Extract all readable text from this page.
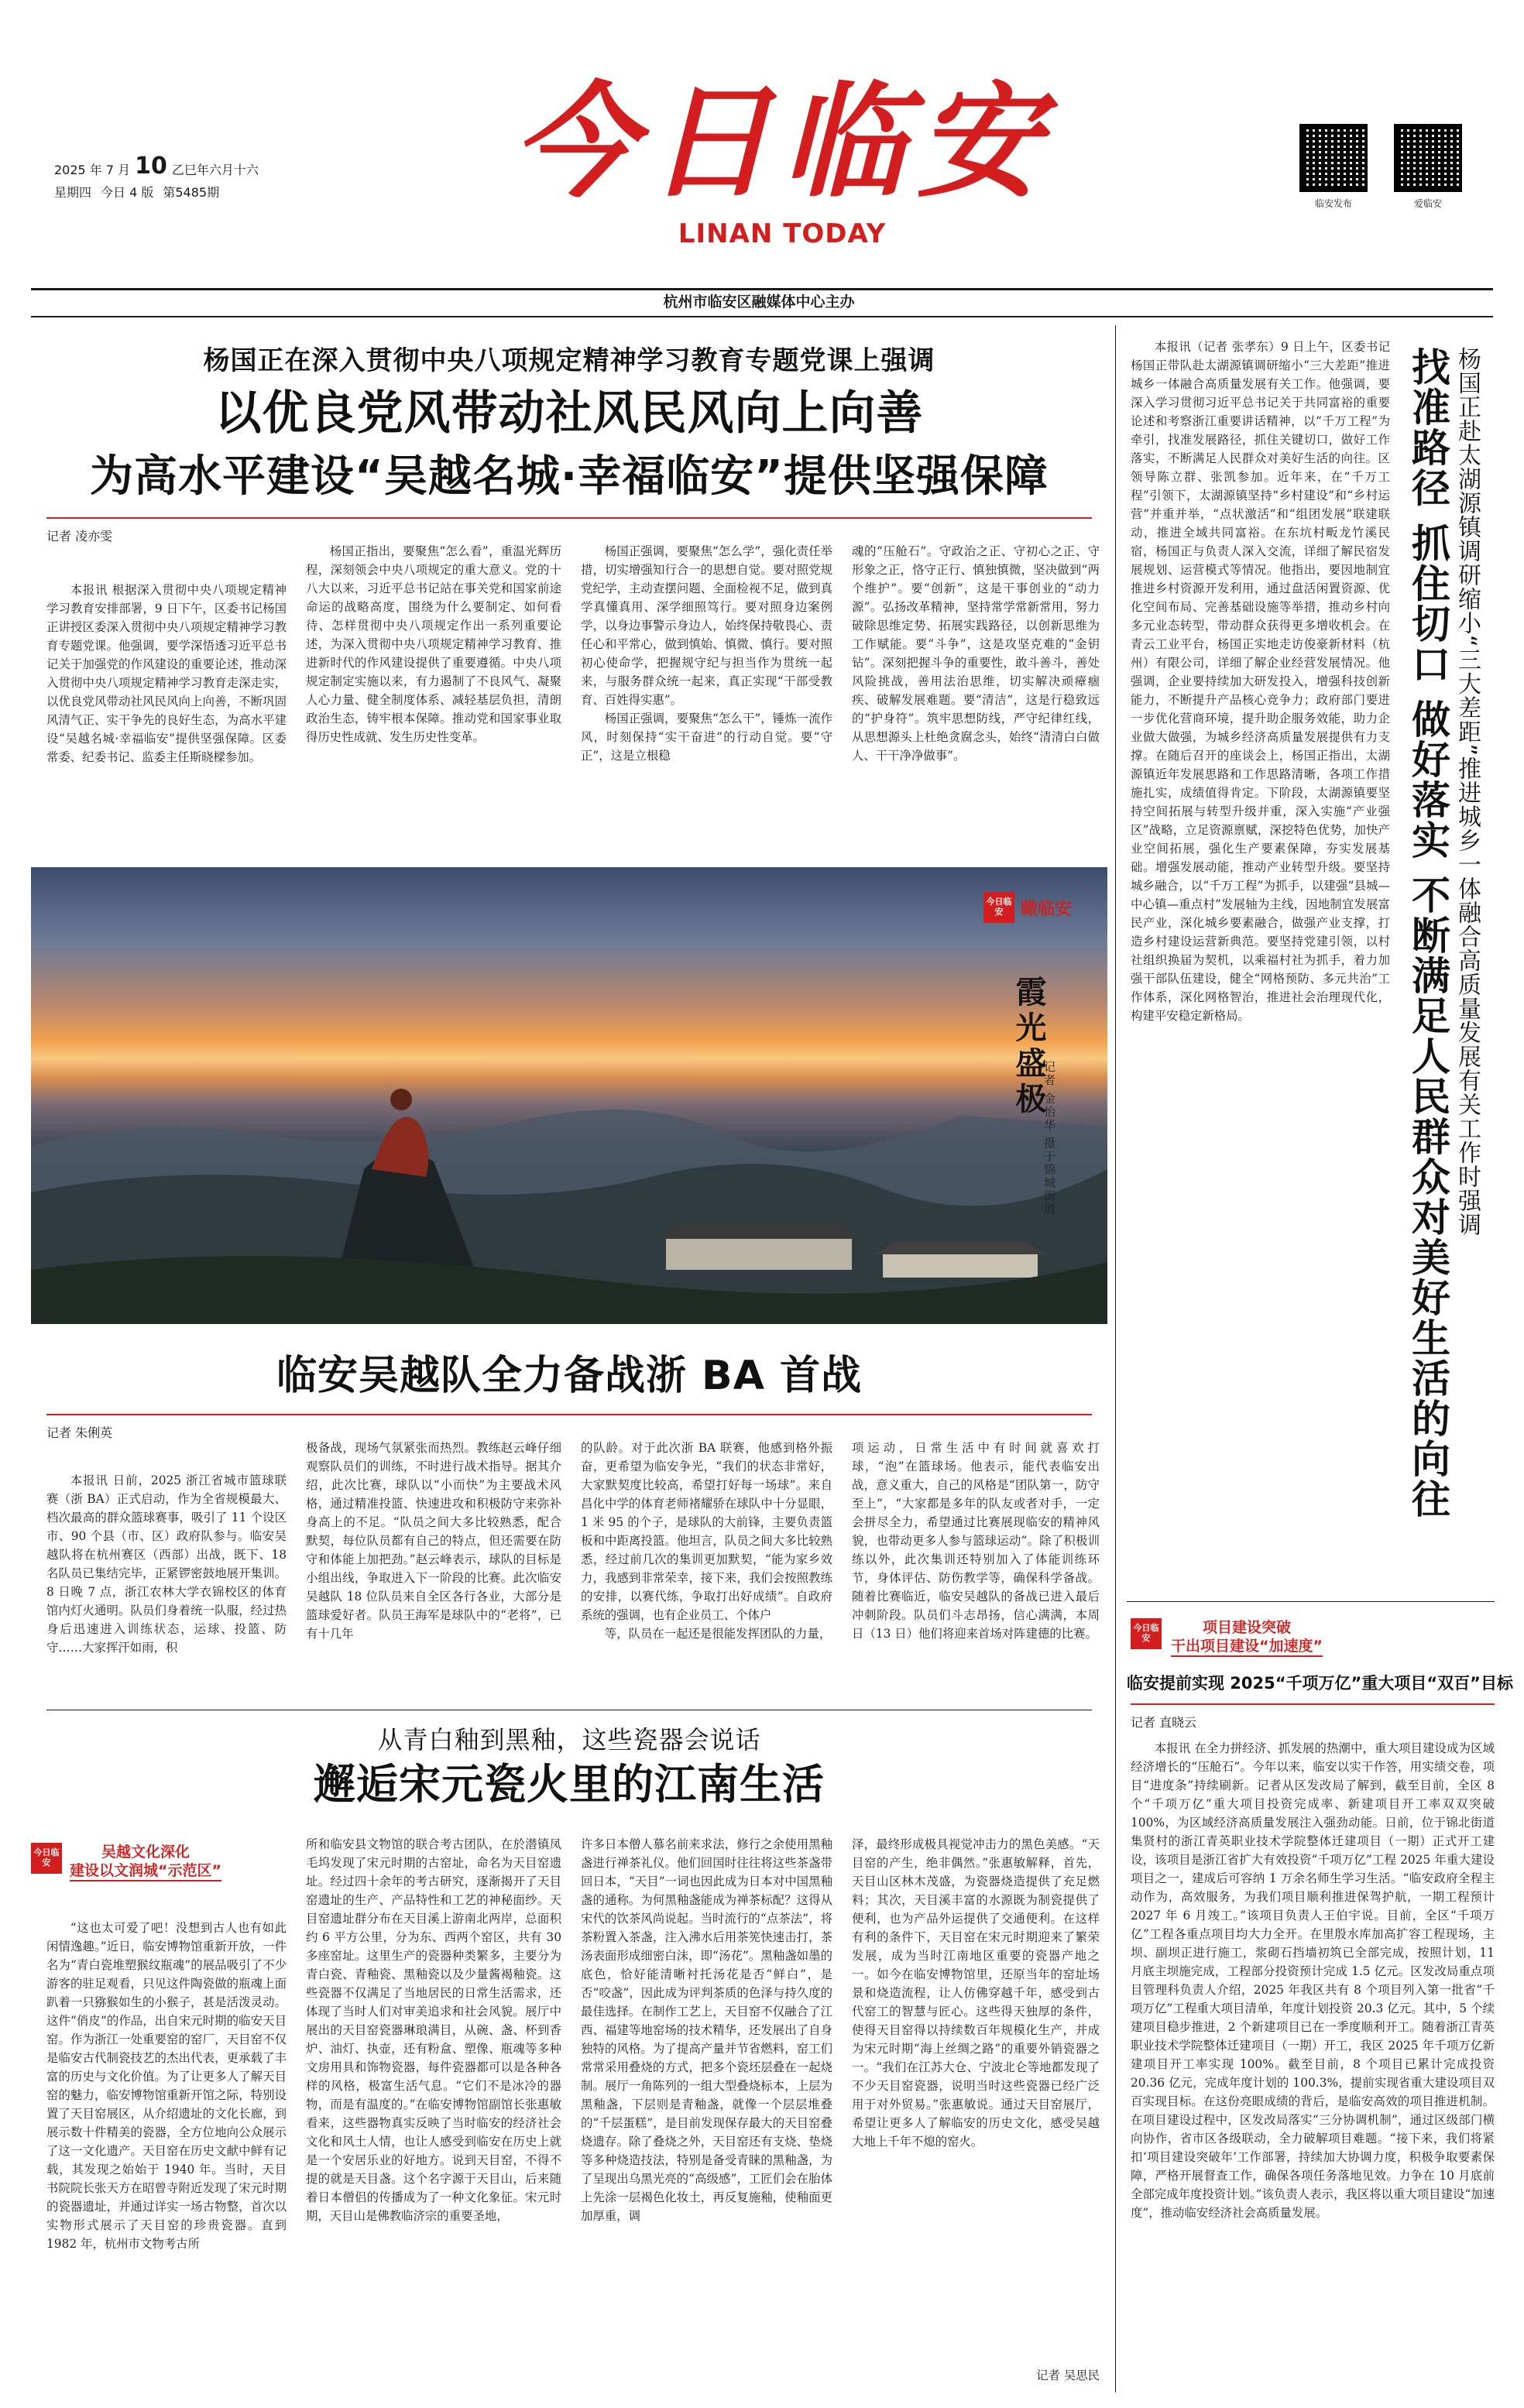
2025 年 7 月 10 乙巳年六月十六
星期四 今日 4 版 第5485期	今日临安
LINAN TODAY
临安发布	爱临安
杭州市临安区融媒体中心主办
杨国正在深入贯彻中央八项规定精神学习教育专题党课上强调
以优良党风带动社风民风向上向善
为高水平建设“吴越名城·幸福临安”提供坚强保障
记者 凌亦雯
本报讯 根据深入贯彻中央八项规定精神学习教育安排部署，9 日下午，区委书记杨国正讲授区委深入贯彻中央八项规定精神学习教育专题党课。他强调，要学深悟透习近平总书记关于加强党的作风建设的重要论述，推动深入贯彻中央八项规定精神学习教育走深走实，以优良党风带动社风民风向上向善，不断巩固风清气正、实干争先的良好生态，为高水平建设“吴越名城·幸福临安”提供坚强保障。区委常委、纪委书记、监委主任斯晓樑参加。
杨国正指出，要聚焦“怎么看”，重温光辉历程，深刻领会中央八项规定的重大意义。党的十八大以来，习近平总书记站在事关党和国家前途命运的战略高度，围绕为什么要制定、如何看待、怎样贯彻中央八项规定作出一系列重要论述，为深入贯彻中央八项规定精神学习教育、推进新时代的作风建设提供了重要遵循。中央八项规定制定实施以来，有力遏制了不良风气、凝聚人心力量、健全制度体系、减轻基层负担，清朗政治生态，铸牢根本保障。推动党和国家事业取得历史性成就、发生历史性变革。

杨国正强调，要聚焦“怎么学”，强化责任举措，切实增强知行合一的思想自觉。要对照党规党纪学，主动查摆问题、全面检视不足，做到真学真懂真用、深学细照笃行。要对照身边案例学，以身边事警示身边人，始终保持敬畏心、责任心和平常心，做到慎始、慎微、慎行。要对照初心使命学，把握规守纪与担当作为贯统一起来，与服务群众统一起来，真正实现“干部受教育、百姓得实惠”。

杨国正强调，要聚焦“怎么干”，锤炼一流作风，时刻保持“实干奋进”的行动自觉。要“守正”，这是立根稳

魂的“压舱石”。守政治之正、守初心之正、守形象之正，恪守正行、慎独慎微，坚决做到“两个维护”。要“创新”，这是干事创业的“动力源”。弘扬改革精神，坚持常学常新常用，努力破除思维定势、拓展实践路径，以创新思维为工作赋能。要“斗争”，这是攻坚克难的“金钥钻”。深刻把握斗争的重要性，敢斗善斗，善处风险挑战，善用法治思维，切实解决顽瘴痼疾、破解发展难题。要“清洁”，这是行稳致远的“护身符”。筑牢思想防线，严守纪律红线，从思想源头上杜绝贪腐念头，始终“清清白白做人、干干净净做事”。
今日临安	瞰临安
霞光盛极
记者 金怡华 摄于锦城街道
临安吴越队全力备战浙 BA 首战
记者 朱俐英
本报讯 日前，2025 浙江省城市篮球联赛（浙 BA）正式启动，作为全省规模最大、档次最高的群众篮球赛事，吸引了 11 个设区市、90 个县（市、区）政府队参与。临安吴越队将在杭州赛区（西部）出战，既下、18 名队员已集结完毕，正紧锣密鼓地展开集训。8 日晚 7 点，浙江农林大学衣锦校区的体育馆内灯火通明。队员们身着统一队服，经过热身后迅速进入训练状态，运球、投篮、防守……大家挥汗如雨，积
极备战，现场气氛紧张而热烈。教练赵云峰仔细观察队员们的训练，不时进行战术指导。据其介绍，此次比赛，球队以“小而快”为主要战术风格，通过精准投篮、快速进攻和积极防守来弥补身高上的不足。“队员之间大多比较熟悉，配合默契，每位队员都有自己的特点，但还需要在防守和体能上加把劲。”赵云峰表示，球队的目标是小组出线，争取进入下一阶段的比赛。此次临安吴越队 18 位队员来自全区各行各业，大部分是篮球爱好者。队员王海军是球队中的“老将”，已有十几年

的队龄。对于此次浙 BA 联赛，他感到格外振奋，更希望为临安争光，“我们的状态非常好，大家默契度比较高，希望打好每一场球”。来自昌化中学的体育老师褚耀骄在球队中十分显眼，1 米 95 的个子，是球队的大前锋，主要负责篮板和中距离投篮。他坦言，队员之间大多比较熟悉，经过前几次的集训更加默契，“能为家乡效力，我感到非常荣幸，接下来，我们会按照教练的安排，以赛代练，争取打出好成绩”。自政府系统的强调，也有企业员工、个体户

等，队员在一起还是很能发挥团队的力量，

项运动，日常生活中有时间就喜欢打球，“泡”在篮球场。他表示，能代表临安出战，意义重大，自己的风格是“团队第一，防守至上”，“大家都是多年的队友或者对手，一定会拼尽全力，希望通过比赛展现临安的精神风貌，也带动更多人参与篮球运动”。除了积极训练以外，此次集训还特别加入了体能训练环节，身体评估、防伤教学等，确保科学备战。随着比赛临近，临安吴越队的备战已进入最后冲刺阶段。队员们斗志昂扬，信心满满，本周日（13 日）他们将迎来首场对阵建德的比赛。
从青白釉到黑釉，这些瓷器会说话
邂逅宋元瓷火里的江南生活
今日临安
吴越文化深化
建设以文润城“示范区”
“这也太可爱了吧！没想到古人也有如此闲情逸趣。”近日，临安博物馆重新开放，一件名为“青白瓷堆塑猴纹瓶魂”的展品吸引了不少游客的驻足观看，只见这件陶瓷做的瓶魂上面趴着一只猕猴如生的小猴子，甚是活泼灵动。这件“俏皮”的作品，出自宋元时期的临安天目窑。作为浙江一处重要窑的窑厂，天目窑不仅是临安古代制瓷技艺的杰出代表，更承载了丰富的历史与文化价值。为了让更多人了解天目窑的魅力，临安博物馆重新开馆之际，特别设置了天目窑展区，从介绍遗址的文化长廊，到展示数十件精美的瓷器，全方位地向公众展示了这一文化遗产。天目窑在历史文献中鲜有记载，其发现之始始于 1940 年。当时，天目书院院长张天方在昭曾寺附近发现了宋元时期的瓷器遗址，并通过详实一场古物整，首次以实物形式展示了天目窑的珍贵瓷器。直到 1982 年，杭州市文物考古所
所和临安县文物馆的联合考古团队，在於潜镇凤毛坞发现了宋元时期的古窑址，命名为天目窑遗址。经过四十余年的考古研究，逐渐揭开了天目窑遗址的生产、产品特性和工艺的神秘面纱。天目窑遗址群分布在天目溪上游南北两岸，总面积约 6 平方公里，分为东、西两个窑区，共有 30 多座窑址。这里生产的瓷器种类繁多，主要分为青白瓷、青釉瓷、黑釉瓷以及少量酱褐釉瓷。这些瓷器不仅满足了当地居民的日常生活需求，还体现了当时人们对审美追求和社会风貌。展厅中展出的天目窑瓷器琳琅满目，从碗、盏、杯到香炉、油灯、执壶，还有粉盒、塑像、瓶魂等多种文房用具和饰物瓷器，每件瓷器都可以是各种各样的风格，极富生活气息。“它们不是冰冷的器物，而是有温度的。”在临安博物馆副馆长张惠敏看来，这些器物真实反映了当时临安的经济社会文化和风土人情，也让人感受到临安在历史上就是一个安居乐业的好地方。说到天目窑，不得不提的就是天目盏。这个名字源于天目山，后来随着日本僧侣的传播成为了一种文化象征。宋元时期，天目山是佛教临济宗的重要圣地，
许多日本僧人慕名前来求法，修行之余使用黑釉盏进行禅茶礼仪。他们回国时往往将这些茶盏带回日本，“天目”一词也因此成为日本对中国黑釉盏的通称。为何黑釉盏能成为禅茶标配？这得从宋代的饮茶风尚说起。当时流行的“点茶法”，将茶粉置入茶盏，注入沸水后用茶筅快速击打，茶汤表面形成细密白沫，即“汤花”。黑釉盏如墨的底色，恰好能清晰衬托汤花是否“鲜白”，是否“咬盏”，因此成为评判茶质的色泽与持久度的最佳选择。在制作工艺上，天目窑不仅融合了江西、福建等地窑场的技术精华，还发展出了自身独特的风格。为了提高产量并节省燃料，窑工们常常采用叠烧的方式，把多个瓷坯层叠在一起烧制。展厅一角陈列的一组大型叠烧标本，上层为黑釉盏，下层则是青釉盏，就像一个层层堆叠的“千层蛋糕”，是目前发现保存最大的天目窑叠烧遗存。除了叠烧之外，天目窑还有支烧、垫烧等多种烧造技法，特别是备受青睐的黑釉盏，为了呈现出乌黑光亮的“高级感”，工匠们会在胎体上先涂一层褐色化妆土，再反复施釉，使釉面更加厚重，调

泽，最终形成极具视觉冲击力的黑色美感。“天目窑的产生，绝非偶然。”张惠敏解释，首先，天目山区林木茂盛，为瓷器烧造提供了充足燃料；其次，天目溪丰富的水源既为制瓷提供了便利，也为产品外运提供了交通便利。在这样有利的条件下，天目窑在宋元时期迎来了繁荣发展，成为当时江南地区重要的瓷器产地之一。如今在临安博物馆里，还原当年的窑址场景和烧造流程，让人仿佛穿越千年，感受到古代窑工的智慧与匠心。这些得天独厚的条件，使得天目窑得以持续数百年规模化生产，并成为宋元时期“海上丝绸之路”的重要外销瓷器之一。“我们在江苏大仓、宁波北仑等地都发现了不少天目窑瓷器，说明当时这些瓷器已经广泛用于对外贸易。”张惠敏说。通过天目窑展厅，希望让更多人了解临安的历史文化，感受吴越大地上千年不熄的窑火。

记者 吴思民

杨国正赴太湖源镇调研缩小“三大差距”推进城乡一体融合高质量发展有关工作时强调
找准路径 抓住切口 做好落实 不断满足人民群众对美好生活的向往
本报讯（记者 张孝东）9 日上午，区委书记杨国正带队赴太湖源镇调研缩小“三大差距”推进城乡一体融合高质量发展有关工作。他强调，要深入学习贯彻习近平总书记关于共同富裕的重要论述和考察浙江重要讲话精神，以“千万工程”为牵引，找准发展路径，抓住关键切口，做好工作落实，不断满足人民群众对美好生活的向往。区领导陈立群、张凯参加。近年来，在“千万工程”引领下，太湖源镇坚持“乡村建设”和“乡村运营”并重并举，“点状激活”和“组团发展”联建联动，推进全域共同富裕。在东坑村畈龙竹溪民宿，杨国正与负责人深入交流，详细了解民宿发展规划、运营模式等情况。他指出，要因地制宜推进乡村资源开发利用，通过盘活闲置资源、优化空间布局、完善基础设施等举措，推动乡村向多元业态转型，带动群众获得更多增收机会。在青云工业平台，杨国正实地走访俊豪新材料（杭州）有限公司，详细了解企业经营发展情况。他强调，企业要持续加大研发投入，增强科技创新能力，不断提升产品核心竞争力；政府部门要进一步优化营商环境，提升助企服务效能，助力企业做大做强，为城乡经济高质量发展提供有力支撑。在随后召开的座谈会上，杨国正指出，太湖源镇近年发展思路和工作思路清晰，各项工作措施扎实，成绩值得肯定。下阶段，太湖源镇要坚持空间拓展与转型升级并重，深入实施“产业强区”战略，立足资源禀赋，深挖特色优势，加快产业空间拓展，强化生产要素保障，夯实发展基础。增强发展动能，推动产业转型升级。要坚持城乡融合，以“千万工程”为抓手，以建强“县城—中心镇—重点村”发展轴为主线，因地制宜发展富民产业，深化城乡要素融合，做强产业支撑，打造乡村建设运营新典范。要坚持党建引领，以村社组织换届为契机，以乘福村社为抓手，着力加强干部队伍建设，健全“网格预防、多元共治”工作体系，深化网格智治，推进社会治理现代化，构建平安稳定新格局。
今日临安
项目建设突破
干出项目建设“加速度”
临安提前实现 2025“千项万亿”重大项目“双百”目标
记者 直晓云
本报讯 在全力拼经济、抓发展的热潮中，重大项目建设成为区域经济增长的“压舱石”。今年以来，临安以实干作答，用实绩交卷，项目“进度条”持续刷新。记者从区发改局了解到，截至目前，全区 8 个“千项万亿”重大项目投资完成率、新建项目开工率双双突破 100%，为区域经济高质量发展注入强劲动能。日前，位于锦北街道集贤村的浙江青英职业技术学院整体迁建项目（一期）正式开工建设，该项目是浙江省扩大有效投资“千项万亿”工程 2025 年重大建设项目之一，建成后可容纳 1 万余名师生学习生活。“临安政府全程主动作为，高效服务，为我们项目顺利推进保驾护航，一期工程预计 2027 年 6 月竣工。”该项目负责人王伯宇说。目前，全区“千项万亿”工程各重点项目均大力全开。在里殷水库加高扩容工程现场，主坝、副坝正进行施工，浆砌石挡墙初筑已全部完成，按照计划，11 月底主坝施完成，工程部分投资预计完成 1.5 亿元。区发改局重点项目管理科负责人介绍，2025 年我区共有 8 个项目列入第一批省“千项万亿”工程重大项目清单，年度计划投资 20.3 亿元。其中，5 个续建项目稳步推进，2 个新建项目已在一季度顺利开工。随着浙江青英职业技术学院整体迁建项目（一期）开工，我区 2025 年千项万亿新建项目开工率实现 100%。截至目前，8 个项目已累计完成投资 20.36 亿元，完成年度计划的 100.3%，提前实现省重大建设项目双百实现目标。在这份亮眼成绩的背后，是临安高效的项目推进机制。在项目建设过程中，区发改局落实“三分协调机制”，通过区级部门横向协作，省市区各级联动，全力破解项目难题。“接下来，我们将紧扣‘项目建设突破年’工作部署，持续加大协调力度，积极争取要素保障，严格开展督查工作，确保各项任务落地见效。力争在 10 月底前全部完成年度投资计划。”该负责人表示，我区将以重大项目建设“加速度”，推动临安经济社会高质量发展。
